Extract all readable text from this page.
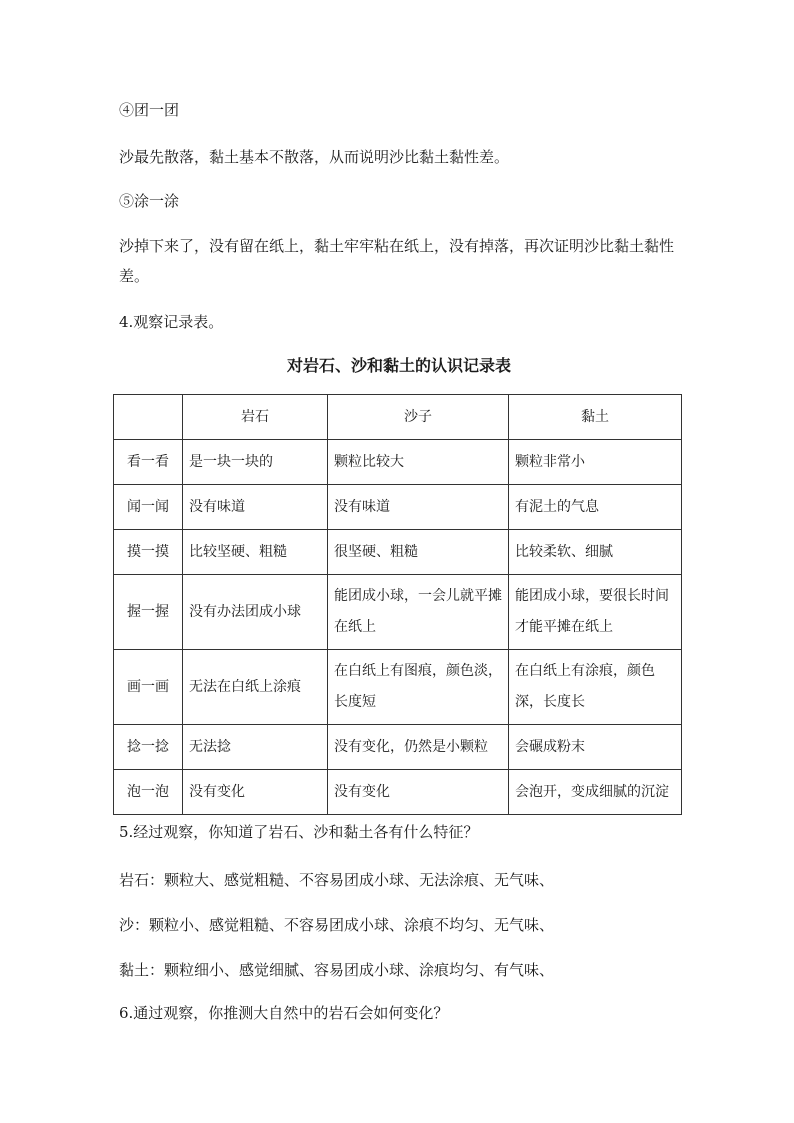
④团一团

沙最先散落，黏土基本不散落，从而说明沙比黏土黏性差。

⑤涂一涂

沙掉下来了，没有留在纸上，黏土牢牢粘在纸上，没有掉落，再次证明沙比黏土黏性差。

4.观察记录表。

对岩石、沙和黏土的认识记录表

	岩石	沙子	黏土
看一看	是一块一块的	颗粒比较大	颗粒非常小
闻一闻	没有味道	没有味道	有泥土的气息
摸一摸	比较坚硬、粗糙	很坚硬、粗糙	比较柔软、细腻
握一握	没有办法团成小球	能团成小球，一会儿就平摊在纸上	能团成小球，要很长时间才能平摊在纸上
画一画	无法在白纸上涂痕	在白纸上有图痕，颜色淡，长度短	在白纸上有涂痕，颜色深，长度长
捻一捻	无法捻	没有变化，仍然是小颗粒	会碾成粉末
泡一泡	没有变化	没有变化	会泡开，变成细腻的沉淀

5.经过观察，你知道了岩石、沙和黏土各有什么特征？

岩石：颗粒大、感觉粗糙、不容易团成小球、无法涂痕、无气味、

沙：颗粒小、感觉粗糙、不容易团成小球、涂痕不均匀、无气味、

黏土：颗粒细小、感觉细腻、容易团成小球、涂痕均匀、有气味、

6.通过观察，你推测大自然中的岩石会如何变化？
